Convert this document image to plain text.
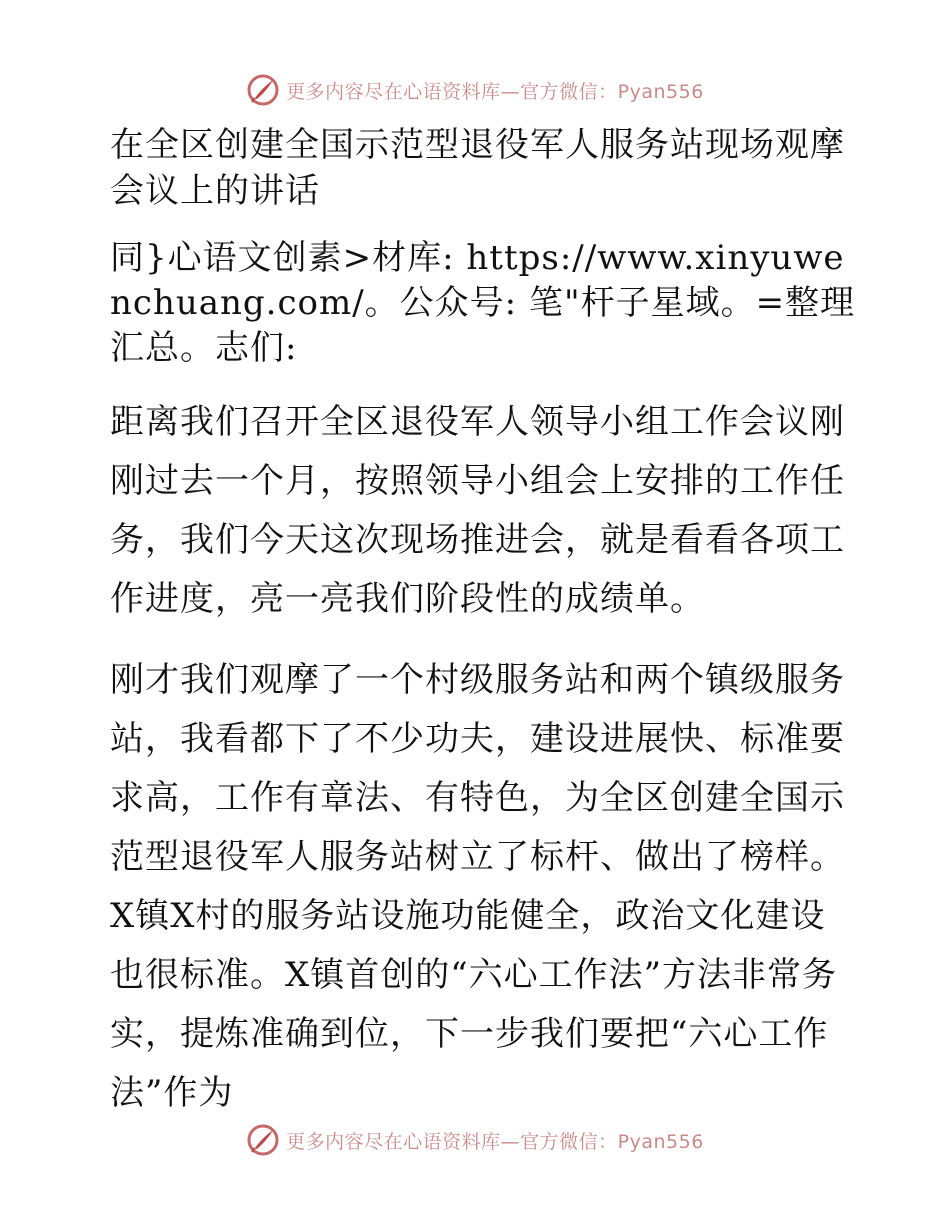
更多内容尽在心语资料库—官方微信：Pyan556

在全区创建全国示范型退役军人服务站现场观摩会议上的讲话

同}心语文创素>材库: https://www.xinyuwenchuang.com/。公众号: 笔"杆子星域。=整理汇总。志们:

距离我们召开全区退役军人领导小组工作会议刚刚过去一个月，按照领导小组会上安排的工作任务，我们今天这次现场推进会，就是看看各项工作进度，亮一亮我们阶段性的成绩单。

刚才我们观摩了一个村级服务站和两个镇级服务站，我看都下了不少功夫，建设进展快、标准要求高，工作有章法、有特色，为全区创建全国示范型退役军人服务站树立了标杆、做出了榜样。X镇X村的服务站设施功能健全，政治文化建设也很标准。X镇首创的“六心工作法”方法非常务实，提炼准确到位，下一步我们要把“六心工作法”作为

更多内容尽在心语资料库—官方微信：Pyan556
